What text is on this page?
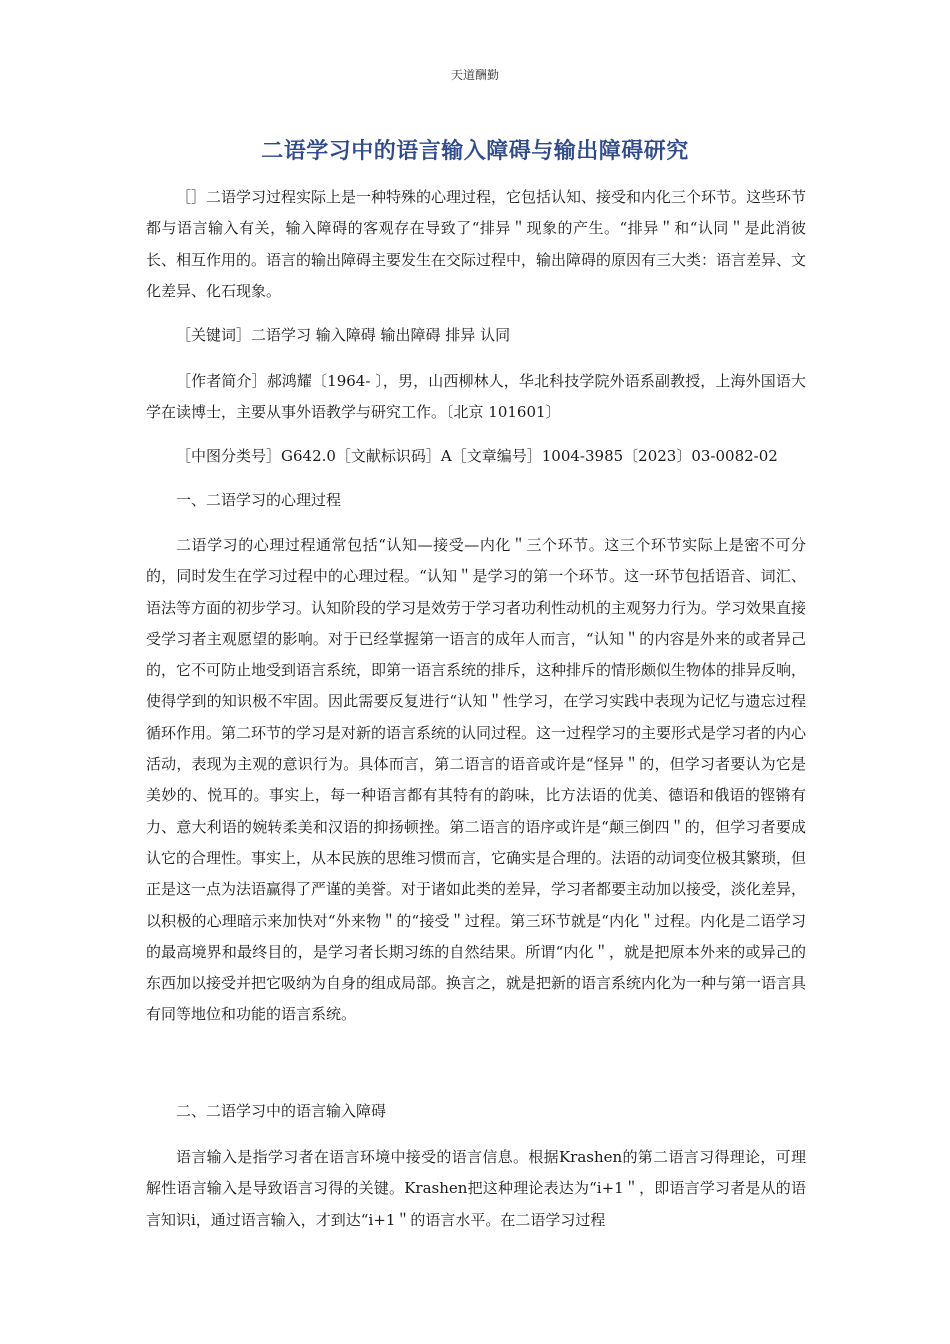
天道酬勤
二语学习中的语言输入障碍与输出障碍研究

［］二语学习过程实际上是一种特殊的心理过程，它包括认知、接受和内化三个环节。这些环节都与语言输入有关，输入障碍的客观存在导致了“排异＂现象的产生。“排异＂和“认同＂是此消彼长、相互作用的。语言的输出障碍主要发生在交际过程中，输出障碍的原因有三大类：语言差异、文化差异、化石现象。

［关键词］二语学习 输入障碍 输出障碍 排异 认同

［作者简介］郝鸿耀〔1964- 〕，男，山西柳林人，华北科技学院外语系副教授，上海外国语大学在读博士，主要从事外语教学与研究工作。〔北京 101601〕

［中图分类号］G642.0［文献标识码］A［文章编号］1004-3985〔2023〕03-0082-02

一、二语学习的心理过程

二语学习的心理过程通常包括“认知—接受—内化＂三个环节。这三个环节实际上是密不可分的，同时发生在学习过程中的心理过程。“认知＂是学习的第一个环节。这一环节包括语音、词汇、语法等方面的初步学习。认知阶段的学习是效劳于学习者功利性动机的主观努力行为。学习效果直接受学习者主观愿望的影响。对于已经掌握第一语言的成年人而言，“认知＂的内容是外来的或者异己的，它不可防止地受到语言系统，即第一语言系统的排斥，这种排斥的情形颇似生物体的排异反响，使得学到的知识极不牢固。因此需要反复进行“认知＂性学习，在学习实践中表现为记忆与遗忘过程循环作用。第二环节的学习是对新的语言系统的认同过程。这一过程学习的主要形式是学习者的内心活动，表现为主观的意识行为。具体而言，第二语言的语音或许是“怪异＂的，但学习者要认为它是美妙的、悦耳的。事实上，每一种语言都有其特有的韵味，比方法语的优美、德语和俄语的铿锵有力、意大利语的婉转柔美和汉语的抑扬顿挫。第二语言的语序或许是“颠三倒四＂的，但学习者要成认它的合理性。事实上，从本民族的思维习惯而言，它确实是合理的。法语的动词变位极其繁琐，但正是这一点为法语赢得了严谨的美誉。对于诸如此类的差异，学习者都要主动加以接受，淡化差异，以积极的心理暗示来加快对“外来物＂的“接受＂过程。第三环节就是“内化＂过程。内化是二语学习的最高境界和最终目的，是学习者长期习练的自然结果。所谓“内化＂，就是把原本外来的或异己的东西加以接受并把它吸纳为自身的组成局部。换言之，就是把新的语言系统内化为一种与第一语言具有同等地位和功能的语言系统。

二、二语学习中的语言输入障碍

语言输入是指学习者在语言环境中接受的语言信息。根据Krashen的第二语言习得理论，可理解性语言输入是导致语言习得的关键。Krashen把这种理论表达为“i+1＂，即语言学习者是从的语言知识i，通过语言输入，才到达“i+1＂的语言水平。在二语学习过程
